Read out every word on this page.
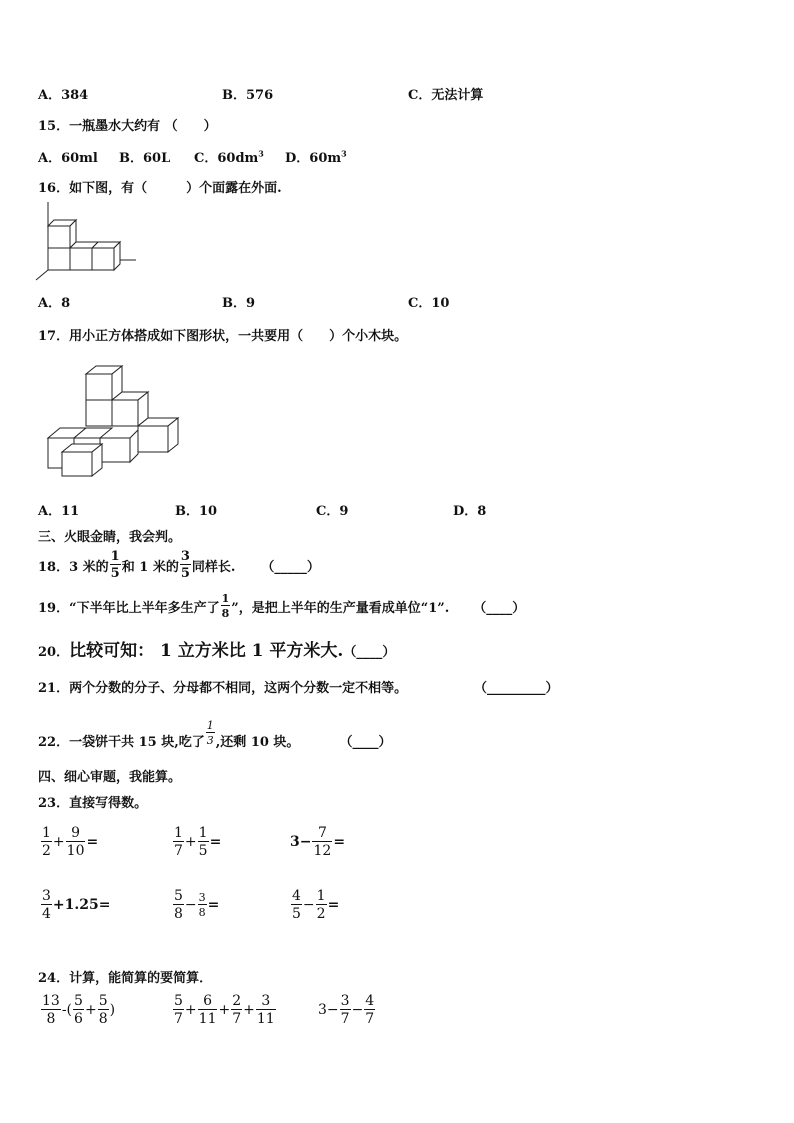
A．384	B．576	C．无法计算
15．一瓶墨水大约有 （　　）
A．60ml B．60L C．$60dm^3$ D．$60m^3$
16．如下图，有（　　　）个面露在外面.
A．8	B．9	C．10
17．用小正方体搭成如下图形状，一共要用（　　）个小木块。
A．11	B．10	C．9	D．8
三、火眼金睛，我会判。
18．3 米的 $\frac{1}{5}$ 和 1 米的 $\frac{3}{5}$ 同样长. （_____）
19．“下半年比上半年多生产了 $\frac{1}{8}$ ”，是把上半年的生产量看成单位“1”. （____）
20． 比较可知： 1 立方米比 1 平方米大. （____）
21．两个分数的分子、分母都不相同，这两个分数一定不相等。	（_________）
22．一袋饼干共 15 块,吃了 $\frac{1}{3}$ ,还剩 10 块。	（____）
四、细心审题，我能算。
23．直接写得数。
$\frac{1}{2} + \frac{9}{10}$ =	$\frac{1}{7} + \frac{1}{5}$ =	$3- \frac{7}{12}$ =
$\frac{3}{4} +1.25=$	$\frac{5}{8} - \frac{3}{8}$ =	$\frac{4}{5} - \frac{1}{2}$ =
24．计算，能简算的要简算．
$\frac{13}{8}$ -( $\frac{5}{6} + \frac{5}{8}$ )	$\frac{5}{7} + \frac{6}{11} + \frac{2}{7} + \frac{3}{11}$	$3- \frac{3}{7} - \frac{4}{7}$
